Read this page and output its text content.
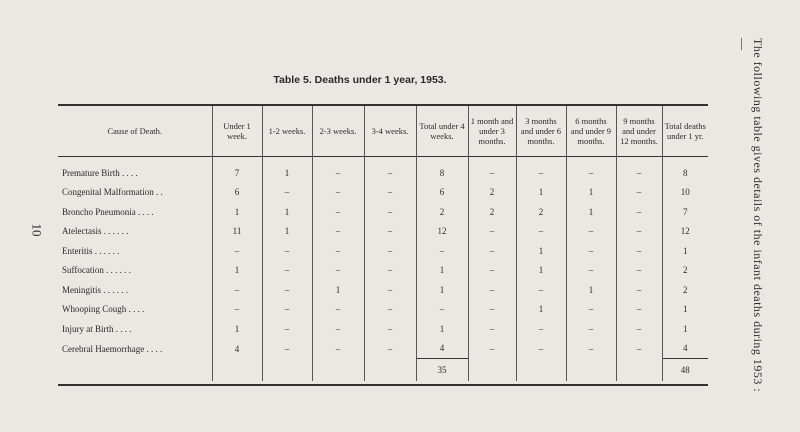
10
Table 5. Deaths under 1 year, 1953.
Cause of Death.	Under 1 week.	1-2 weeks.	2-3 weeks.	3-4 weeks.	Total under 4 weeks.	1 month and under 3 months.	3 months and under 6 months.	6 months and under 9 months.	9 months and under 12 months.	Total deaths under 1 yr.
Premature Birth . . . .	7	1	–	–	8	–	–	–	–	8
Congenital Malformation . .	6	–	–	–	6	2	1	1	–	10
Broncho Pneumonia . . . .	1	1	–	–	2	2	2	1	–	7
Atelectasis . . . . . .	11	1	–	–	12	–	–	–	–	12
Enteritis . . . . . .	–	–	–	–	–	–	1	–	–	1
Suffocation . . . . . .	1	–	–	–	1	–	1	–	–	2
Meningitis . . . . . .	–	–	1	–	1	–	–	1	–	2
Whooping Cough . . . .	–	–	–	–	–	–	1	–	–	1
Injury at Birth . . . .	1	–	–	–	1	–	–	–	–	1
Cerebral Haemorrhage . . . .	4	–	–	–	4	–	–	–	–	4
					35					48	The following table gives details of the infant deaths during 1953 :—
